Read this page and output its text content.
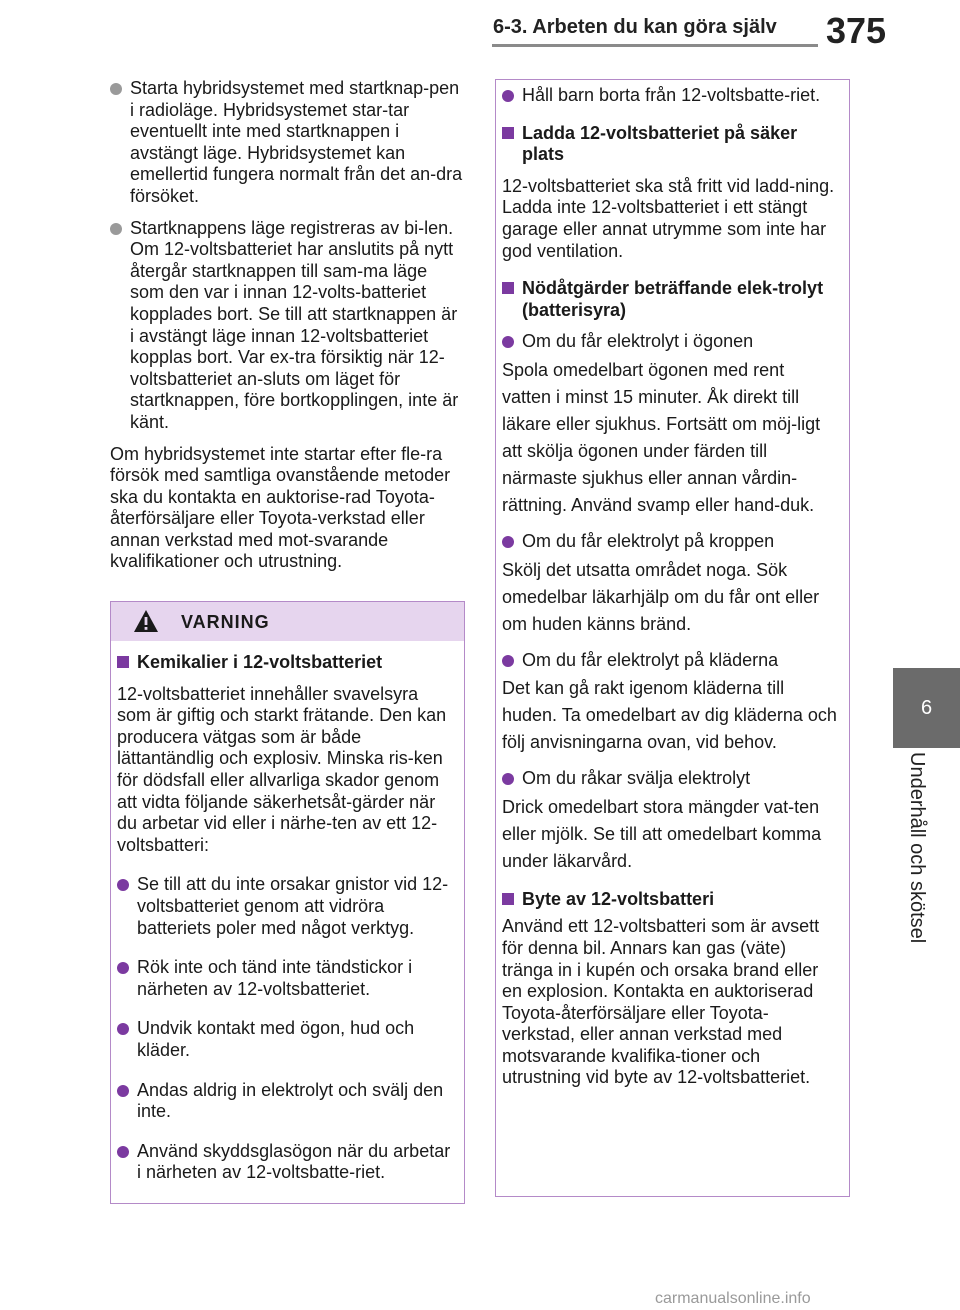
6-3. Arbeten du kan göra själv 375
6
Underhåll och skötsel
Starta hybridsystemet med startknap-pen i radioläge. Hybridsystemet star-tar eventuellt inte med startknappen i avstängt läge. Hybridsystemet kan emellertid fungera normalt från det an-dra försöket.
Startknappens läge registreras av bi-len. Om 12-voltsbatteriet har anslutits på nytt återgår startknappen till sam-ma läge som den var i innan 12-volts-batteriet kopplades bort. Se till att startknappen är i avstängt läge innan 12-voltsbatteriet kopplas bort. Var ex-tra försiktig när 12-voltsbatteriet an-sluts om läget för startknappen, före bortkopplingen, inte är känt.
Om hybridsystemet inte startar efter fle-ra försök med samtliga ovanstående metoder ska du kontakta en auktorise-rad Toyota-återförsäljare eller Toyota-verkstad eller annan verkstad med mot-svarande kvalifikationer och utrustning.
VARNING
Kemikalier i 12-voltsbatteriet
12-voltsbatteriet innehåller svavelsyra som är giftig och starkt frätande. Den kan producera vätgas som är både lättantändlig och explosiv. Minska ris-ken för dödsfall eller allvarliga skador genom att vidta följande säkerhetsåt-gärder när du arbetar vid eller i närhe-ten av ett 12-voltsbatteri:
Se till att du inte orsakar gnistor vid 12-voltsbatteriet genom att vidröra batteriets poler med något verktyg.
Rök inte och tänd inte tändstickor i närheten av 12-voltsbatteriet.
Undvik kontakt med ögon, hud och kläder.
Andas aldrig in elektrolyt och svälj den inte.
Använd skyddsglasögon när du arbetar i närheten av 12-voltsbatte-riet.
Håll barn borta från 12-voltsbatte-riet.
Ladda 12-voltsbatteriet på säker plats
12-voltsbatteriet ska stå fritt vid ladd-ning. Ladda inte 12-voltsbatteriet i ett stängt garage eller annat utrymme som inte har god ventilation.
Nödåtgärder beträffande elek-trolyt (batterisyra)
Om du får elektrolyt i ögonen
Spola omedelbart ögonen med rent vatten i minst 15 minuter. Åk direkt till läkare eller sjukhus. Fortsätt om möj-ligt att skölja ögonen under färden till närmaste sjukhus eller annan vårdin-rättning. Använd svamp eller hand-duk.
Om du får elektrolyt på kroppen
Skölj det utsatta området noga. Sök omedelbar läkarhjälp om du får ont eller om huden känns bränd.
Om du får elektrolyt på kläderna
Det kan gå rakt igenom kläderna till huden. Ta omedelbart av dig kläderna och följ anvisningarna ovan, vid behov.
Om du råkar svälja elektrolyt
Drick omedelbart stora mängder vat-ten eller mjölk. Se till att omedelbart komma under läkarvård.
Byte av 12-voltsbatteri
Använd ett 12-voltsbatteri som är avsett för denna bil. Annars kan gas (väte) tränga in i kupén och orsaka brand eller en explosion. Kontakta en auktoriserad Toyota-återförsäljare eller Toyota-verkstad, eller annan verkstad med motsvarande kvalifika-tioner och utrustning vid byte av 12-voltsbatteriet.
carmanualsonline.info
